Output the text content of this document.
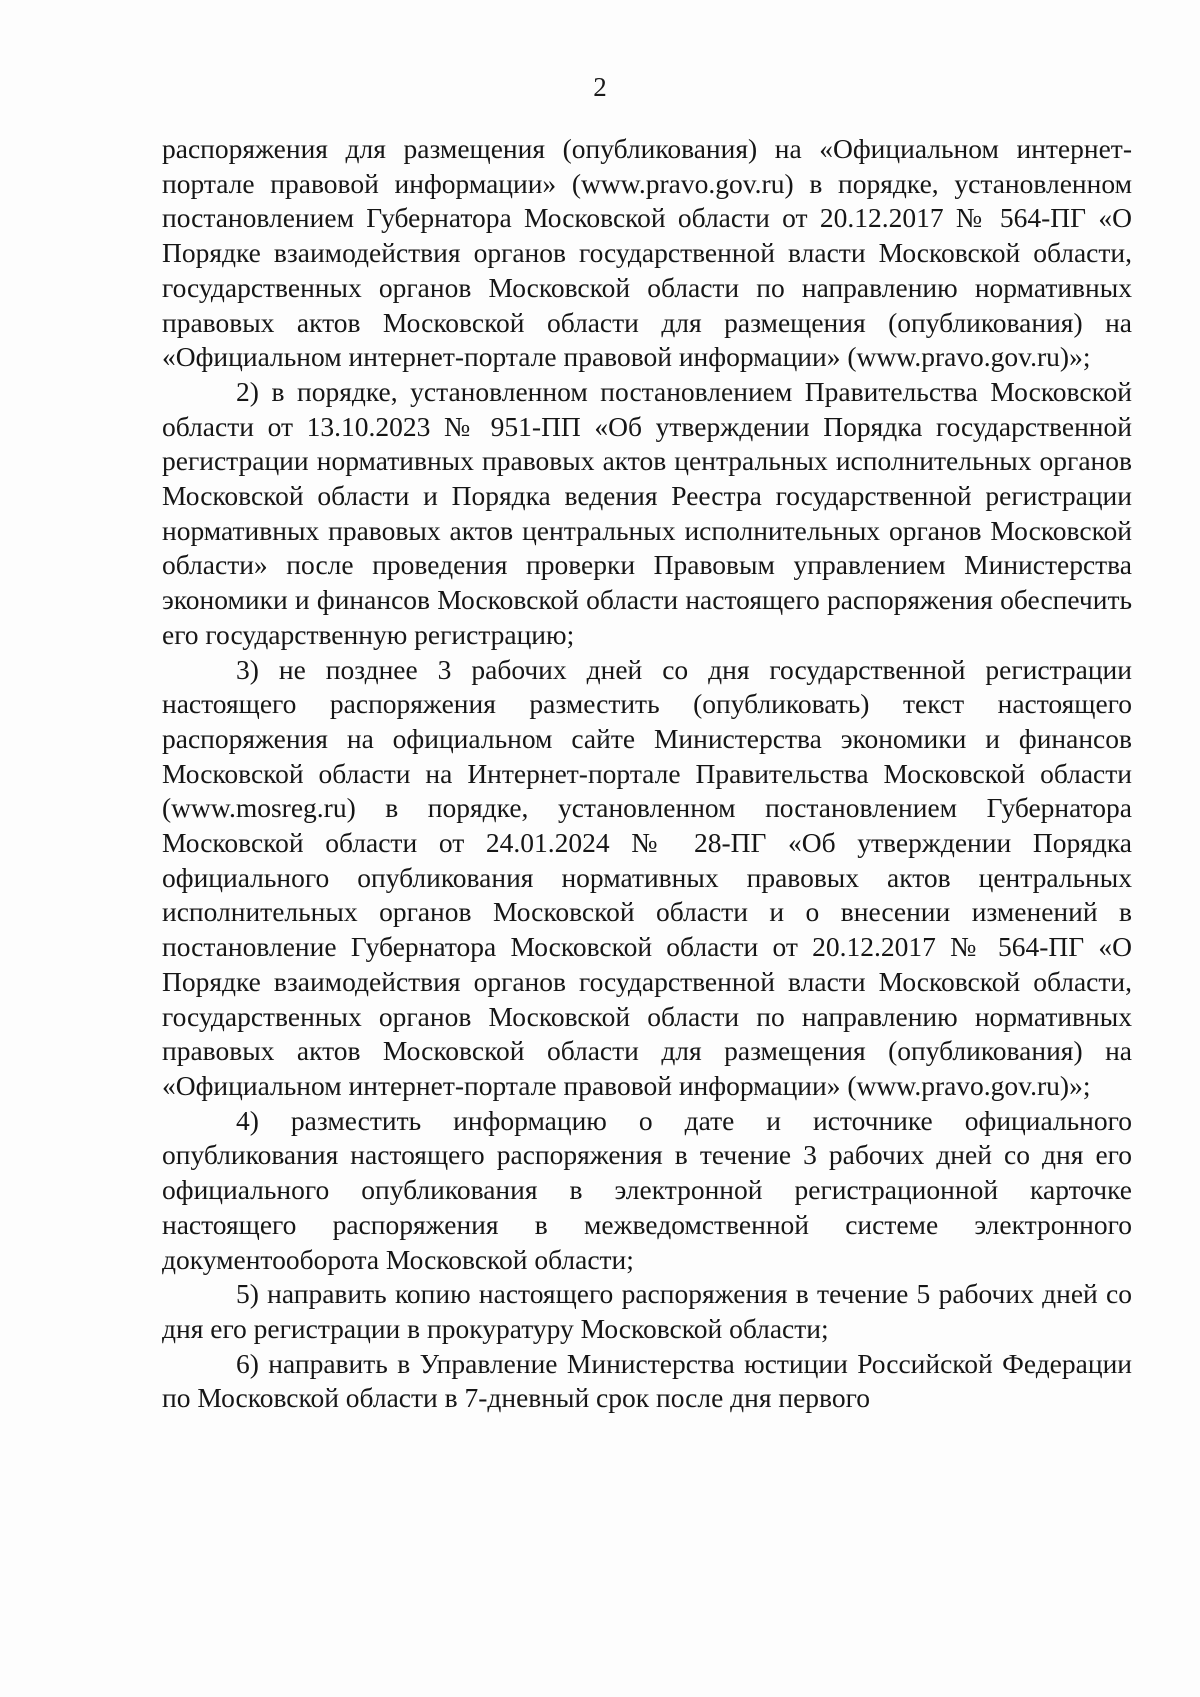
2

распоряжения для размещения (опубликования) на «Официальном интернет-портале правовой информации» (www.pravo.gov.ru) в порядке, установленном постановлением Губернатора Московской области от 20.12.2017 № 564-ПГ «О Порядке взаимодействия органов государственной власти Московской области, государственных органов Московской области по направлению нормативных правовых актов Московской области для размещения (опубликования) на «Официальном интернет-портале правовой информации» (www.pravo.gov.ru)»;

2) в порядке, установленном постановлением Правительства Московской области от 13.10.2023 № 951-ПП «Об утверждении Порядка государственной регистрации нормативных правовых актов центральных исполнительных органов Московской области и Порядка ведения Реестра государственной регистрации нормативных правовых актов центральных исполнительных органов Московской области» после проведения проверки Правовым управлением Министерства экономики и финансов Московской области настоящего распоряжения обеспечить его государственную регистрацию;

3) не позднее 3 рабочих дней со дня государственной регистрации настоящего распоряжения разместить (опубликовать) текст настоящего распоряжения на официальном сайте Министерства экономики и финансов Московской области на Интернет-портале Правительства Московской области (www.mosreg.ru) в порядке, установленном постановлением Губернатора Московской области от 24.01.2024 № 28-ПГ «Об утверждении Порядка официального опубликования нормативных правовых актов центральных исполнительных органов Московской области и о внесении изменений в постановление Губернатора Московской области от 20.12.2017 № 564-ПГ «О Порядке взаимодействия органов государственной власти Московской области, государственных органов Московской области по направлению нормативных правовых актов Московской области для размещения (опубликования) на «Официальном интернет-портале правовой информации» (www.pravo.gov.ru)»;

4) разместить информацию о дате и источнике официального опубликования настоящего распоряжения в течение 3 рабочих дней со дня его официального опубликования в электронной регистрационной карточке настоящего распоряжения в межведомственной системе электронного документооборота Московской области;

5) направить копию настоящего распоряжения в течение 5 рабочих дней со дня его регистрации в прокуратуру Московской области;

6) направить в Управление Министерства юстиции Российской Федерации по Московской области в 7-дневный срок после дня первого
